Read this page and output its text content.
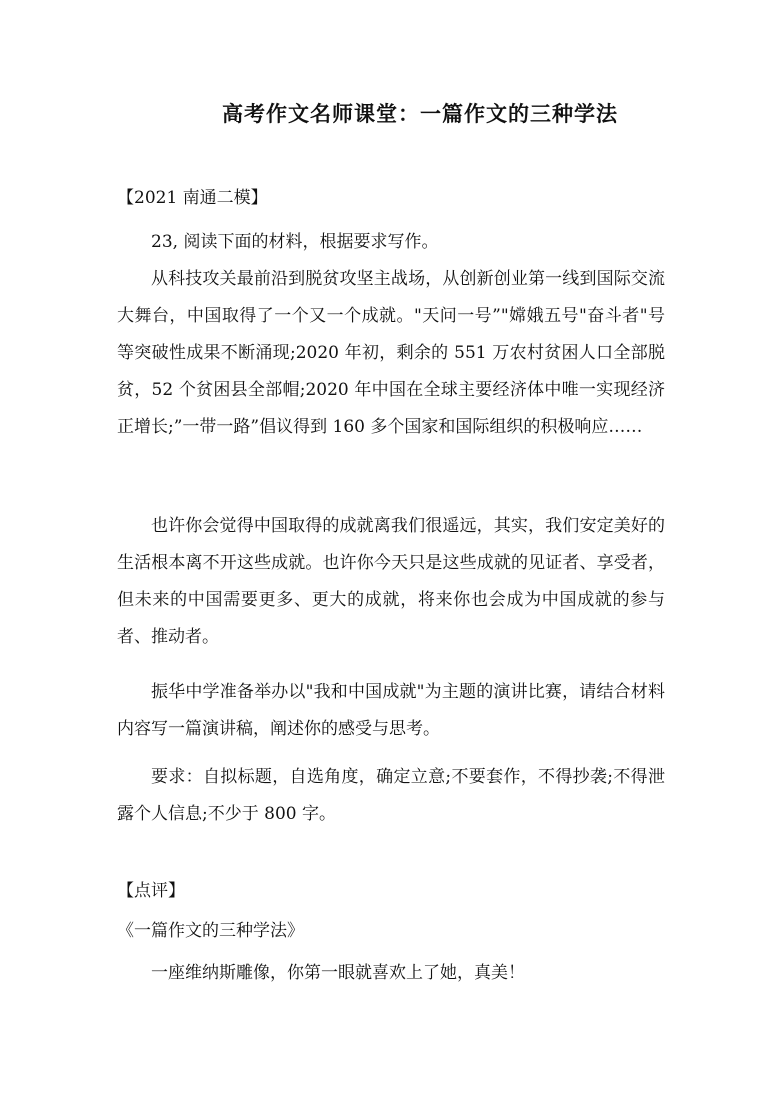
高考作文名师课堂：一篇作文的三种学法
【2021 南通二模】
23, 阅读下面的材料，根据要求写作。
从科技攻关最前沿到脱贫攻坚主战场，从创新创业第一线到国际交流大舞台，中国取得了一个又一个成就。"天问一号”"嫦娥五号"奋斗者"号等突破性成果不断涌现;2020 年初，剩余的 551 万农村贫困人口全部脱贫，52 个贫困县全部帽;2020 年中国在全球主要经济体中唯一实现经济正增长;”一带一路”倡议得到 160 多个国家和国际组织的积极响应……
也许你会觉得中国取得的成就离我们很遥远，其实，我们安定美好的生活根本离不开这些成就。也许你今天只是这些成就的见证者、享受者，但未来的中国需要更多、更大的成就，将来你也会成为中国成就的参与者、推动者。
振华中学准备举办以"我和中国成就"为主题的演讲比赛，请结合材料内容写一篇演讲稿，阐述你的感受与思考。
要求：自拟标题，自选角度，确定立意;不要套作，不得抄袭;不得泄露个人信息;不少于 800 字。
【点评】
《一篇作文的三种学法》
一座维纳斯雕像，你第一眼就喜欢上了她，真美！
